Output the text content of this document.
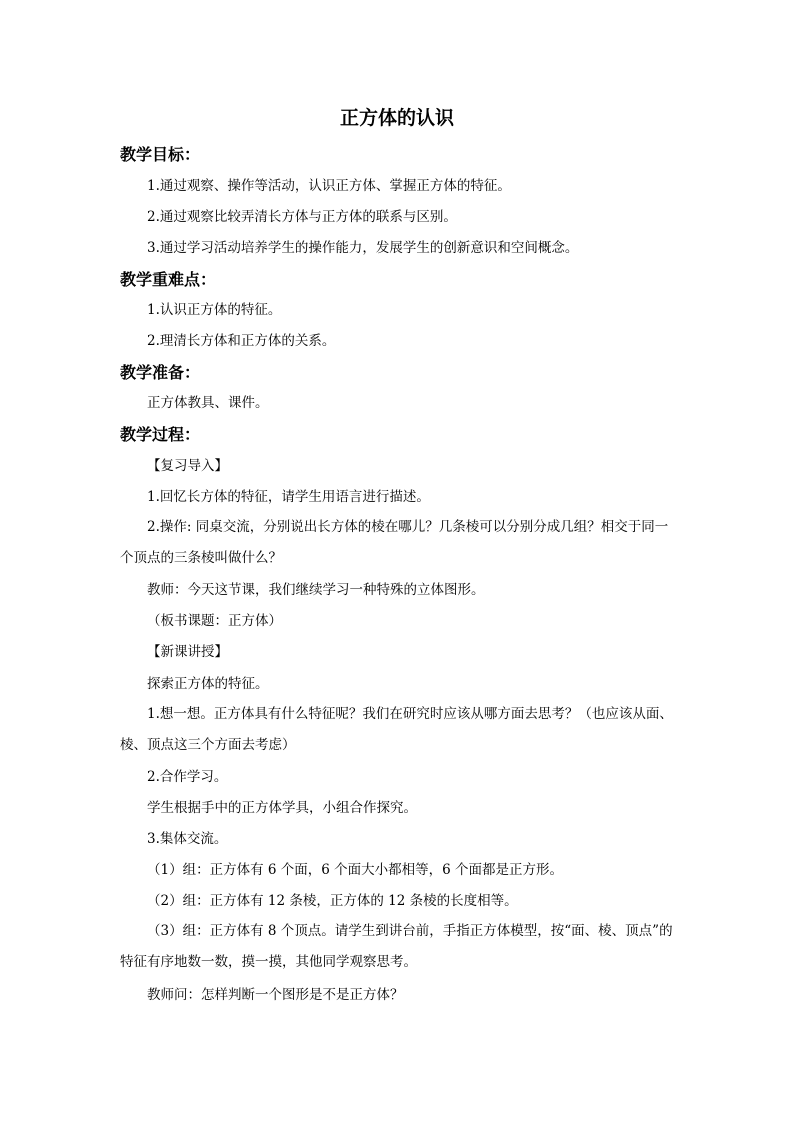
正方体的认识
教学目标：
1.通过观察、操作等活动，认识正方体、掌握正方体的特征。
2.通过观察比较弄清长方体与正方体的联系与区别。
3.通过学习活动培养学生的操作能力，发展学生的创新意识和空间概念。
教学重难点：
1.认识正方体的特征。
2.理清长方体和正方体的关系。
教学准备：
正方体教具、课件。
教学过程：
【复习导入】
1.回忆长方体的特征，请学生用语言进行描述。
2.操作: 同桌交流，分别说出长方体的棱在哪儿？几条棱可以分别分成几组？相交于同一个顶点的三条棱叫做什么？
教师：今天这节课，我们继续学习一种特殊的立体图形。
（板书课题：正方体）
【新课讲授】
探索正方体的特征。
1.想一想。正方体具有什么特征呢？我们在研究时应该从哪方面去思考？（也应该从面、棱、顶点这三个方面去考虑）
2.合作学习。
学生根据手中的正方体学具，小组合作探究。
3.集体交流。
（1）组：正方体有 6 个面，6 个面大小都相等，6 个面都是正方形。
（2）组：正方体有 12 条棱，正方体的 12 条棱的长度相等。
（3）组：正方体有 8 个顶点。请学生到讲台前，手指正方体模型，按“面、棱、顶点”的特征有序地数一数，摸一摸，其他同学观察思考。
教师问：怎样判断一个图形是不是正方体？
